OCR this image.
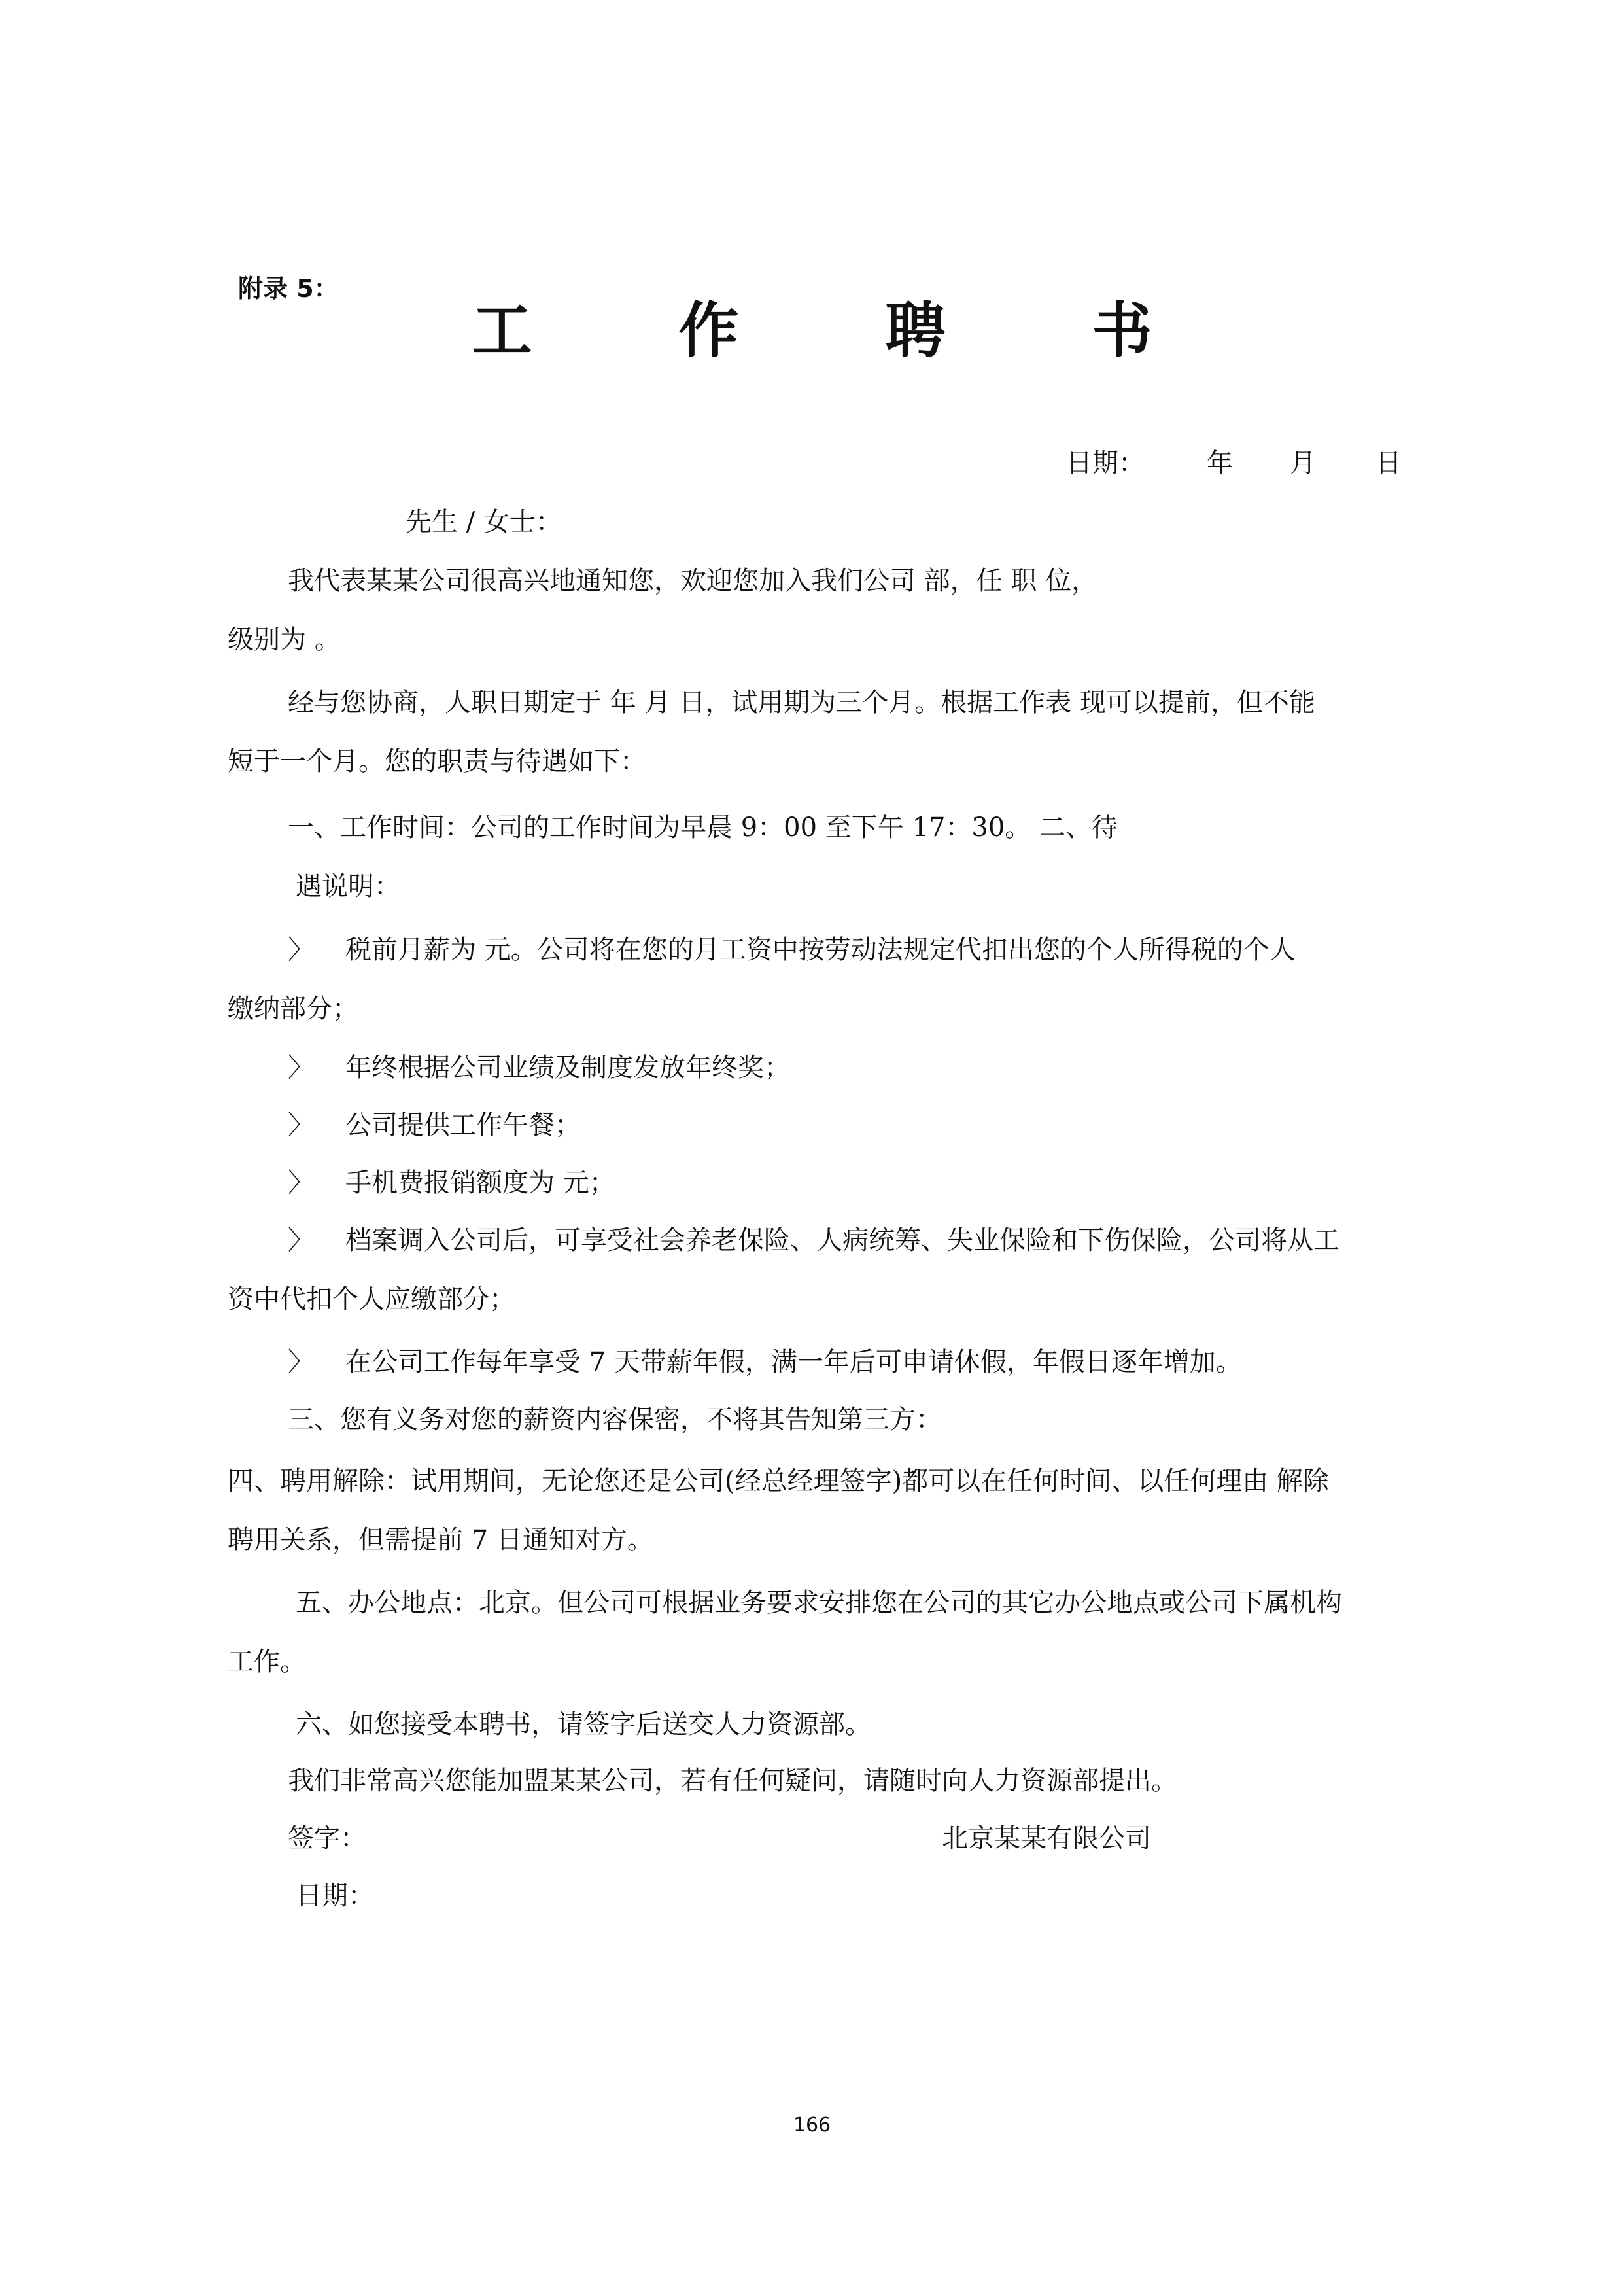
附录 5：
工 作 聘 书
日期： 年 月 日
先生 / 女士：
我代表某某公司很高兴地通知您，欢迎您加入我们公司 部，任 职 位，
级别为 。
经与您协商，人职日期定于 年 月 日，试用期为三个月。根据工作表 现可以提前，但不能
短于一个月。您的职责与待遇如下：
一、工作时间：公司的工作时间为早晨 9：00 至下午 17：30。 二、待
遇说明：
〉 税前月薪为 元。公司将在您的月工资中按劳动法规定代扣出您的个人所得税的个人
缴纳部分；
〉 年终根据公司业绩及制度发放年终奖；
〉 公司提供工作午餐；
〉 手机费报销额度为 元；
〉 档案调入公司后，可享受社会养老保险、人病统筹、失业保险和下伤保险，公司将从工
资中代扣个人应缴部分；
〉 在公司工作每年享受 7 天带薪年假，满一年后可申请休假，年假日逐年增加。
三、您有义务对您的薪资内容保密，不将其告知第三方：
四、聘用解除：试用期间，无论您还是公司(经总经理签字)都可以在任何时间、以任何理由 解除
聘用关系，但需提前 7 日通知对方。
五、办公地点：北京。但公司可根据业务要求安排您在公司的其它办公地点或公司下属机构
工作。
六、如您接受本聘书，请签字后送交人力资源部。
我们非常高兴您能加盟某某公司，若有任何疑问，请随时向人力资源部提出。
签字：	北京某某有限公司
日期：
166
